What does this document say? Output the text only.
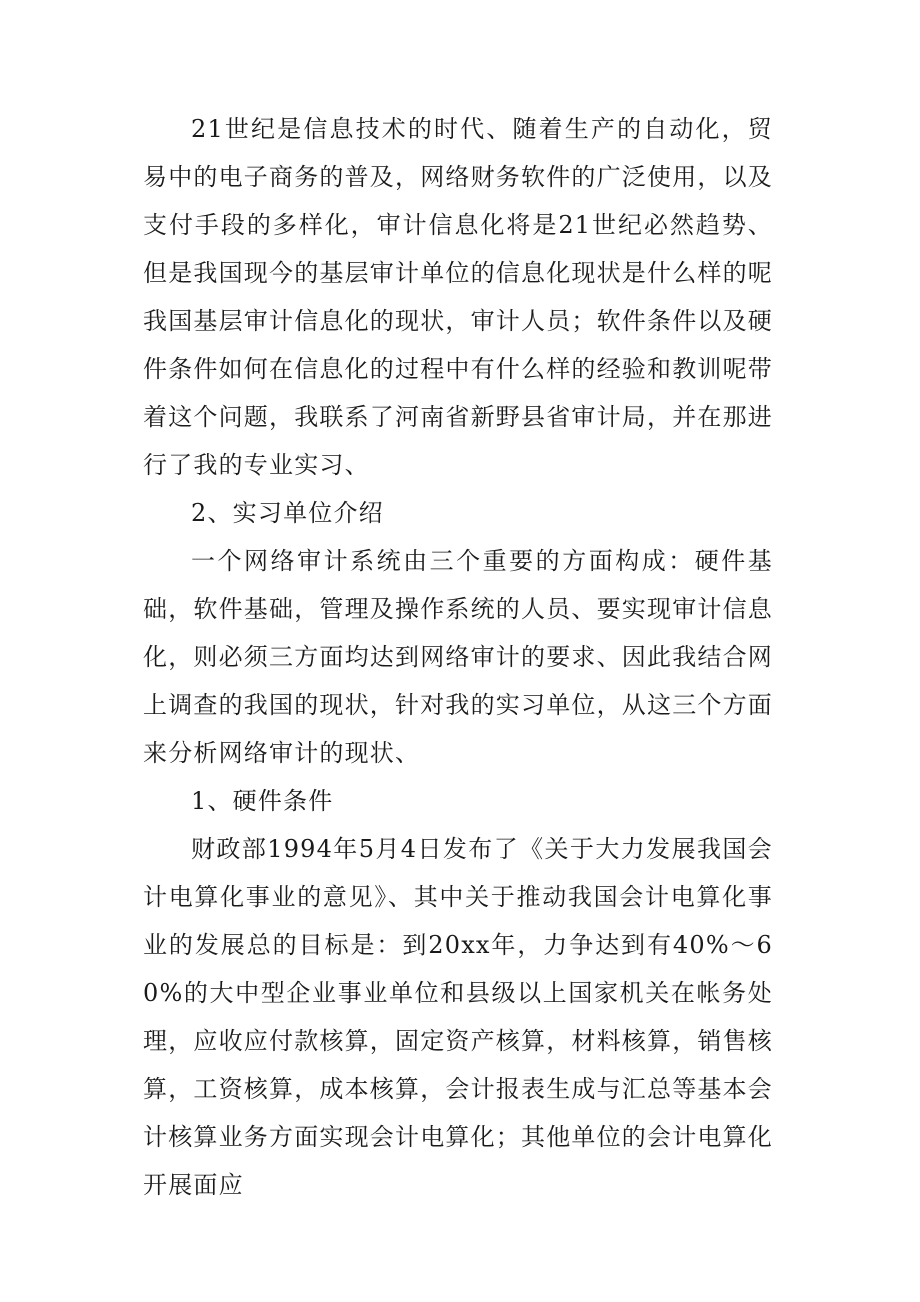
21世纪是信息技术的时代、随着生产的自动化，贸易中的电子商务的普及，网络财务软件的广泛使用，以及支付手段的多样化，审计信息化将是21世纪必然趋势、但是我国现今的基层审计单位的信息化现状是什么样的呢我国基层审计信息化的现状，审计人员；软件条件以及硬件条件如何在信息化的过程中有什么样的经验和教训呢带着这个问题，我联系了河南省新野县省审计局，并在那进行了我的专业实习、

2、实习单位介绍

一个网络审计系统由三个重要的方面构成：硬件基础，软件基础，管理及操作系统的人员、要实现审计信息化，则必须三方面均达到网络审计的要求、因此我结合网上调查的我国的现状，针对我的实习单位，从这三个方面来分析网络审计的现状、

1、硬件条件

财政部1994年5月4日发布了《关于大力发展我国会计电算化事业的意见》、其中关于推动我国会计电算化事业的发展总的目标是：到20xx年，力争达到有40%～60%的大中型企业事业单位和县级以上国家机关在帐务处理，应收应付款核算，固定资产核算，材料核算，销售核算，工资核算，成本核算，会计报表生成与汇总等基本会计核算业务方面实现会计电算化；其他单位的会计电算化开展面应
